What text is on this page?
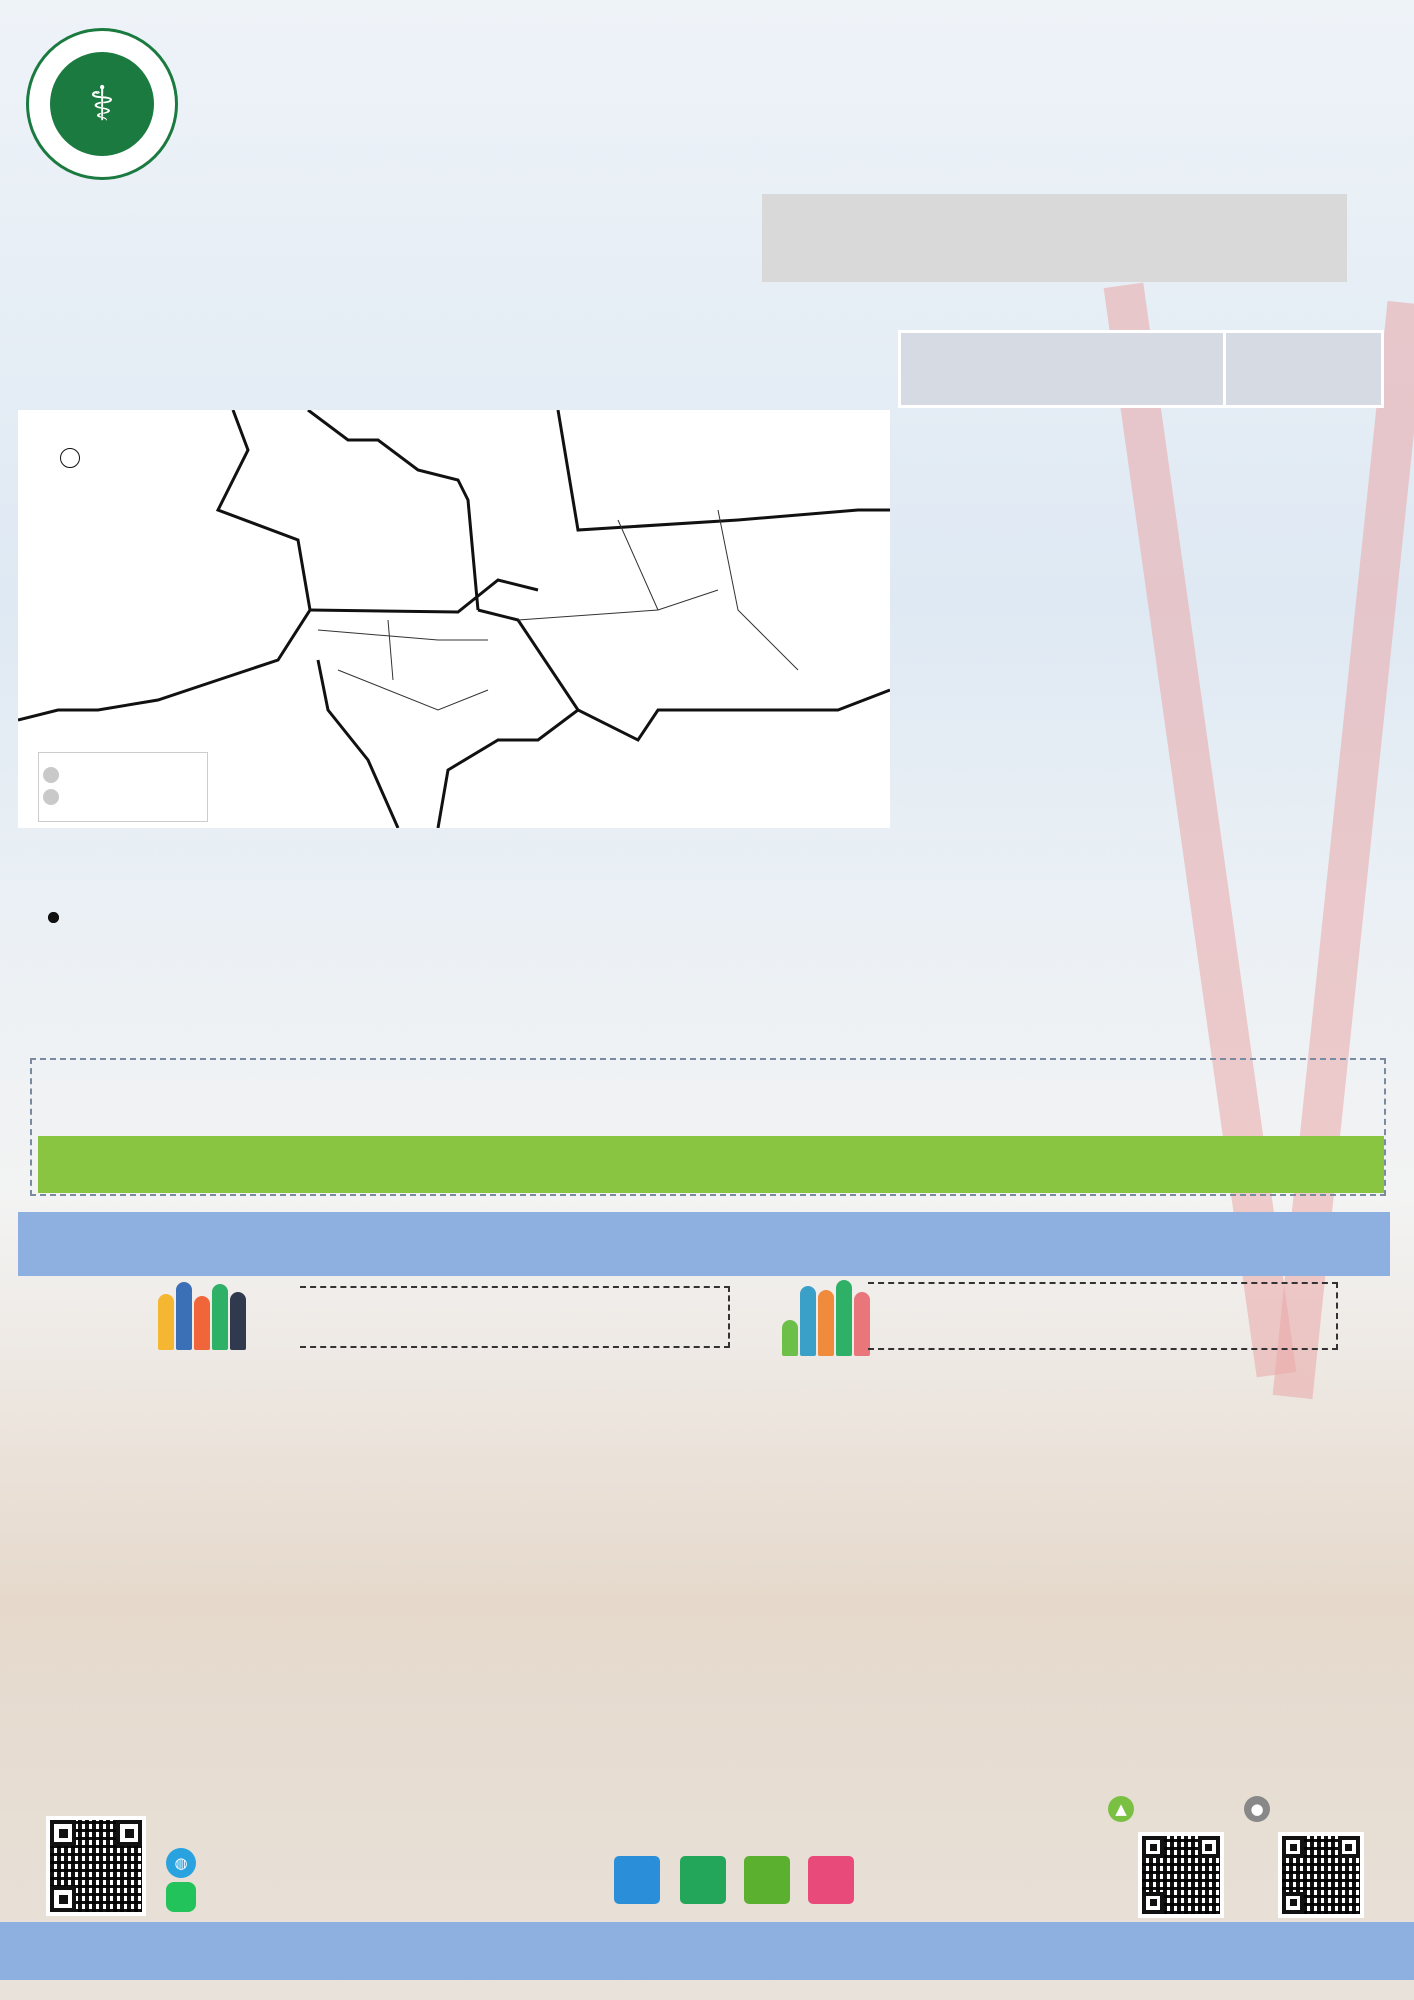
⚕

◍
▲	●
